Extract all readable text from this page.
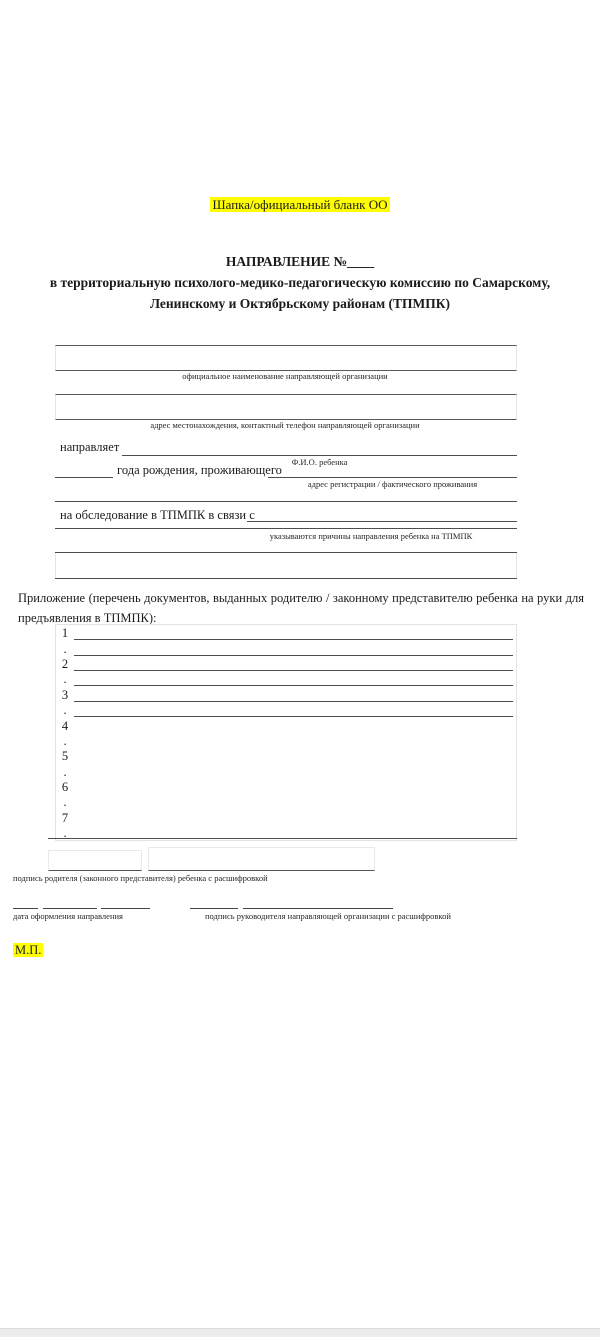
Шапка/официальный бланк ОО
НАПРАВЛЕНИЕ №____
в территориальную психолого-медико-педагогическую комиссию по Самарскому,
Ленинскому и Октябрьскому районам (ТПМПК)
официальное наименование направляющей организации
адрес местонахождения, контактный телефон направляющей организации
направляет
Ф.И.О. ребенка
года рождения, проживающего
адрес регистрации / фактического проживания
на обследование в ТПМПК в связи с
указываются причины направления ребенка на ТПМПК
Приложение (перечень документов, выданных родителю / законному представителю ребенка на руки для предъявления в ТПМПК):
1
.
2
.
3
.
4
.
5
.
6
.
7
.
подпись родителя (законного представителя) ребенка с расшифровкой
дата оформления направления	подпись руководителя направляющей организации с расшифровкой
М.П.
